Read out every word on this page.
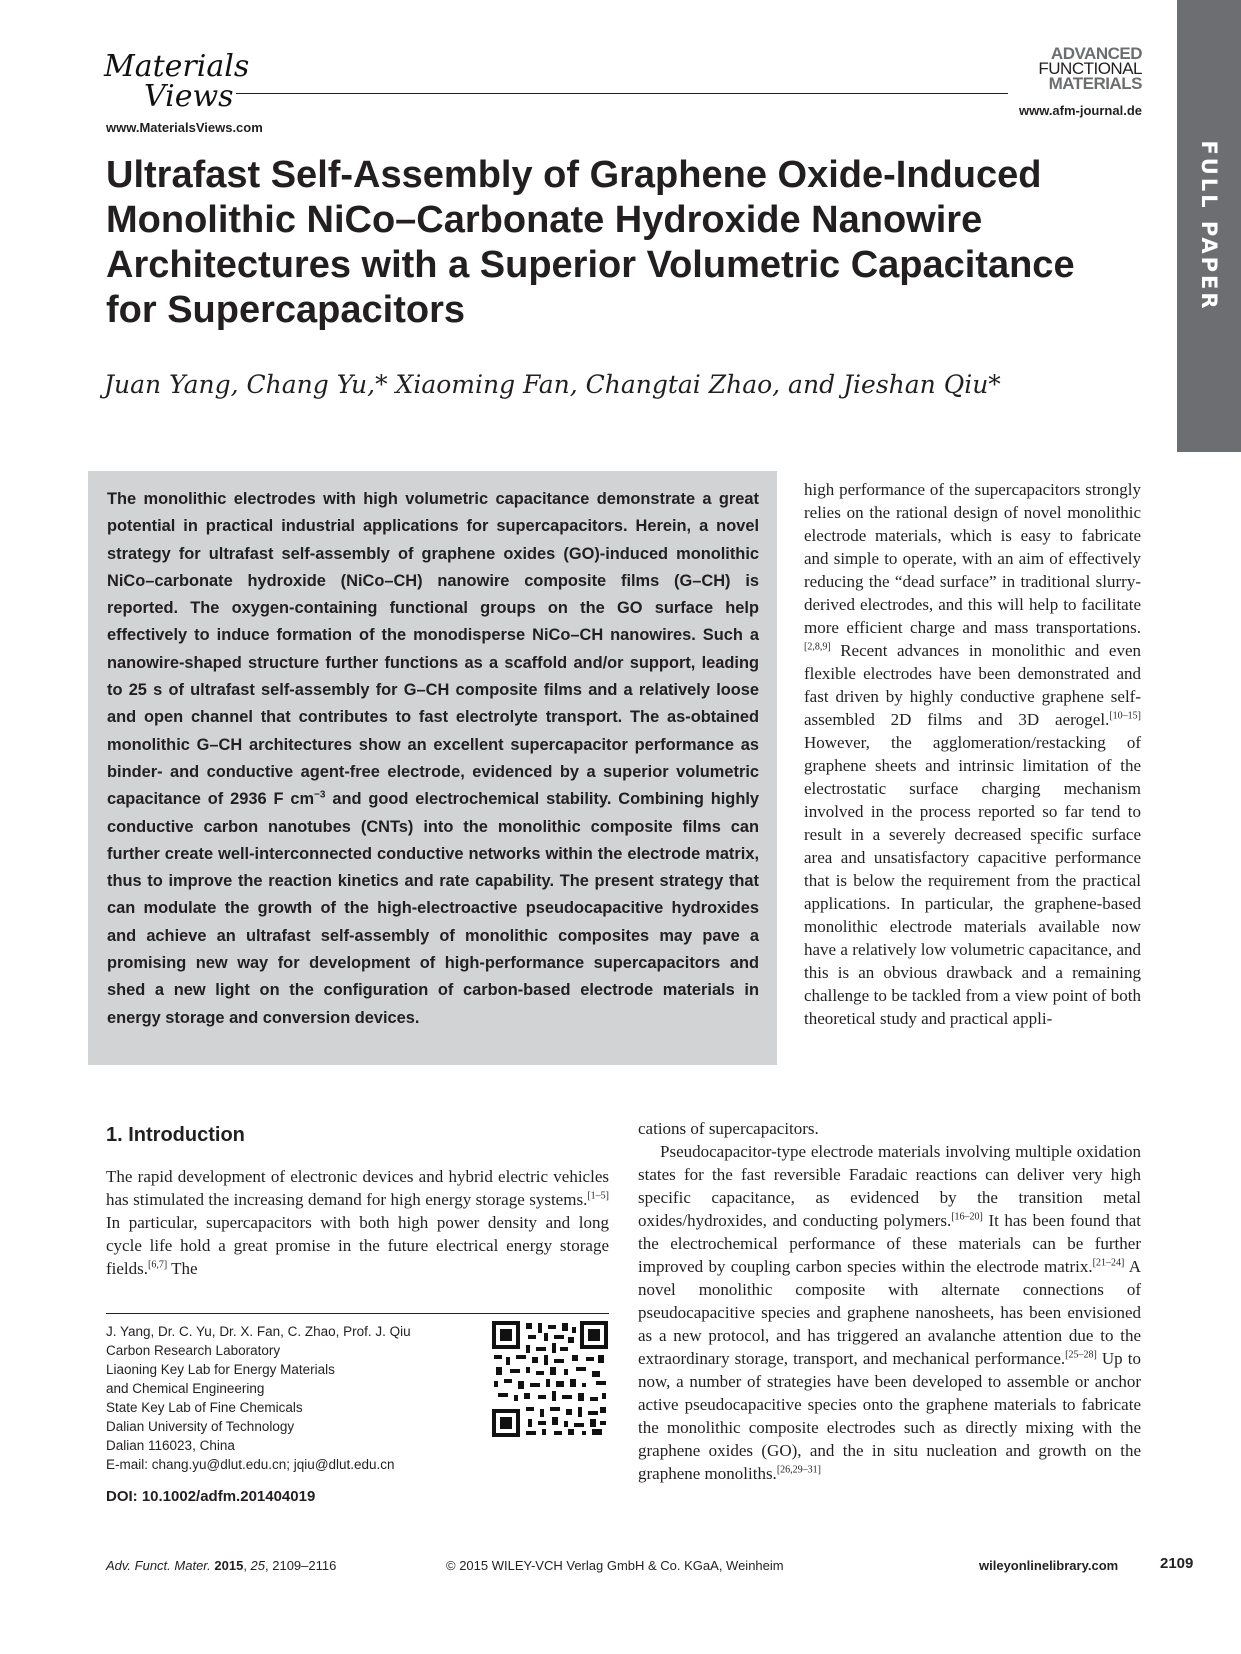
Materials
Views
www.MaterialsViews.com
ADVANCED
FUNCTIONAL
MATERIALS
www.afm-journal.de
FULL PAPER
Ultrafast Self-Assembly of Graphene Oxide-Induced Monolithic NiCo–Carbonate Hydroxide Nanowire Architectures with a Superior Volumetric Capacitance for Supercapacitors
Juan Yang, Chang Yu,* Xiaoming Fan, Changtai Zhao, and Jieshan Qiu*
The monolithic electrodes with high volumetric capacitance demonstrate a great potential in practical industrial applications for supercapacitors. Herein, a novel strategy for ultrafast self-assembly of graphene oxides (GO)-induced monolithic NiCo–carbonate hydroxide (NiCo–CH) nanowire composite films (G–CH) is reported. The oxygen-containing functional groups on the GO surface help effectively to induce formation of the monodisperse NiCo–CH nanowires. Such a nanowire-shaped structure further functions as a scaffold and/or support, leading to 25 s of ultrafast self-assembly for G–CH composite films and a relatively loose and open channel that contributes to fast electrolyte transport. The as-obtained monolithic G–CH architectures show an excellent supercapacitor performance as binder- and conductive agent-free electrode, evidenced by a superior volumetric capacitance of 2936 F $cm^{-3}$ and good electrochemical stability. Combining highly conductive carbon nanotubes (CNTs) into the monolithic composite films can further create well-interconnected conductive networks within the electrode matrix, thus to improve the reaction kinetics and rate capability. The present strategy that can modulate the growth of the high-electroactive pseudocapacitive hydroxides and achieve an ultrafast self-assembly of monolithic composites may pave a promising new way for development of high-performance supercapacitors and shed a new light on the configuration of carbon-based electrode materials in energy storage and conversion devices.
high performance of the supercapacitors strongly relies on the rational design of novel monolithic electrode materials, which is easy to fabricate and simple to operate, with an aim of effectively reducing the “dead surface” in traditional slurry-derived electrodes, and this will help to facilitate more efficient charge and mass transportations.[2,8,9] Recent advances in monolithic and even flexible electrodes have been demonstrated and fast driven by highly conductive graphene self-assembled 2D films and 3D aerogel.[10–15] However, the agglomeration/restacking of graphene sheets and intrinsic limitation of the electrostatic surface charging mechanism involved in the process reported so far tend to result in a severely decreased specific surface area and unsatisfactory capacitive performance that is below the requirement from the practical applications. In particular, the graphene-based monolithic electrode materials available now have a relatively low volumetric capacitance, and this is an obvious drawback and a remaining challenge to be tackled from a view point of both theoretical study and practical appli-

cations of supercapacitors.

Pseudocapacitor-type electrode materials involving multiple oxidation states for the fast reversible Faradaic reactions can deliver very high specific capacitance, as evidenced by the transition metal oxides/hydroxides, and conducting polymers.[16–20] It has been found that the electrochemical performance of these materials can be further improved by coupling carbon species within the electrode matrix.[21–24] A novel monolithic composite with alternate connections of pseudocapacitive species and graphene nanosheets, has been envisioned as a new protocol, and has triggered an avalanche attention due to the extraordinary storage, transport, and mechanical performance.[25–28] Up to now, a number of strategies have been developed to assemble or anchor active pseudocapacitive species onto the graphene materials to fabricate the monolithic composite electrodes such as directly mixing with the graphene oxides (GO), and the in situ nucleation and growth on the graphene monoliths.[26,29–31]

1. Introduction
The rapid development of electronic devices and hybrid electric vehicles has stimulated the increasing demand for high energy storage systems.[1–5] In particular, supercapacitors with both high power density and long cycle life hold a great promise in the future electrical energy storage fields.[6,7] The
J. Yang, Dr. C. Yu, Dr. X. Fan, C. Zhao, Prof. J. Qiu
Carbon Research Laboratory
Liaoning Key Lab for Energy Materials
and Chemical Engineering
State Key Lab of Fine Chemicals
Dalian University of Technology
Dalian 116023, China
E-mail: chang.yu@dlut.edu.cn; jqiu@dlut.edu.cn
DOI: 10.1002/adfm.201404019
Adv. Funct. Mater. 2015, 25, 2109–2116	© 2015 WILEY-VCH Verlag GmbH & Co. KGaA, Weinheim	wileyonlinelibrary.com	2109
